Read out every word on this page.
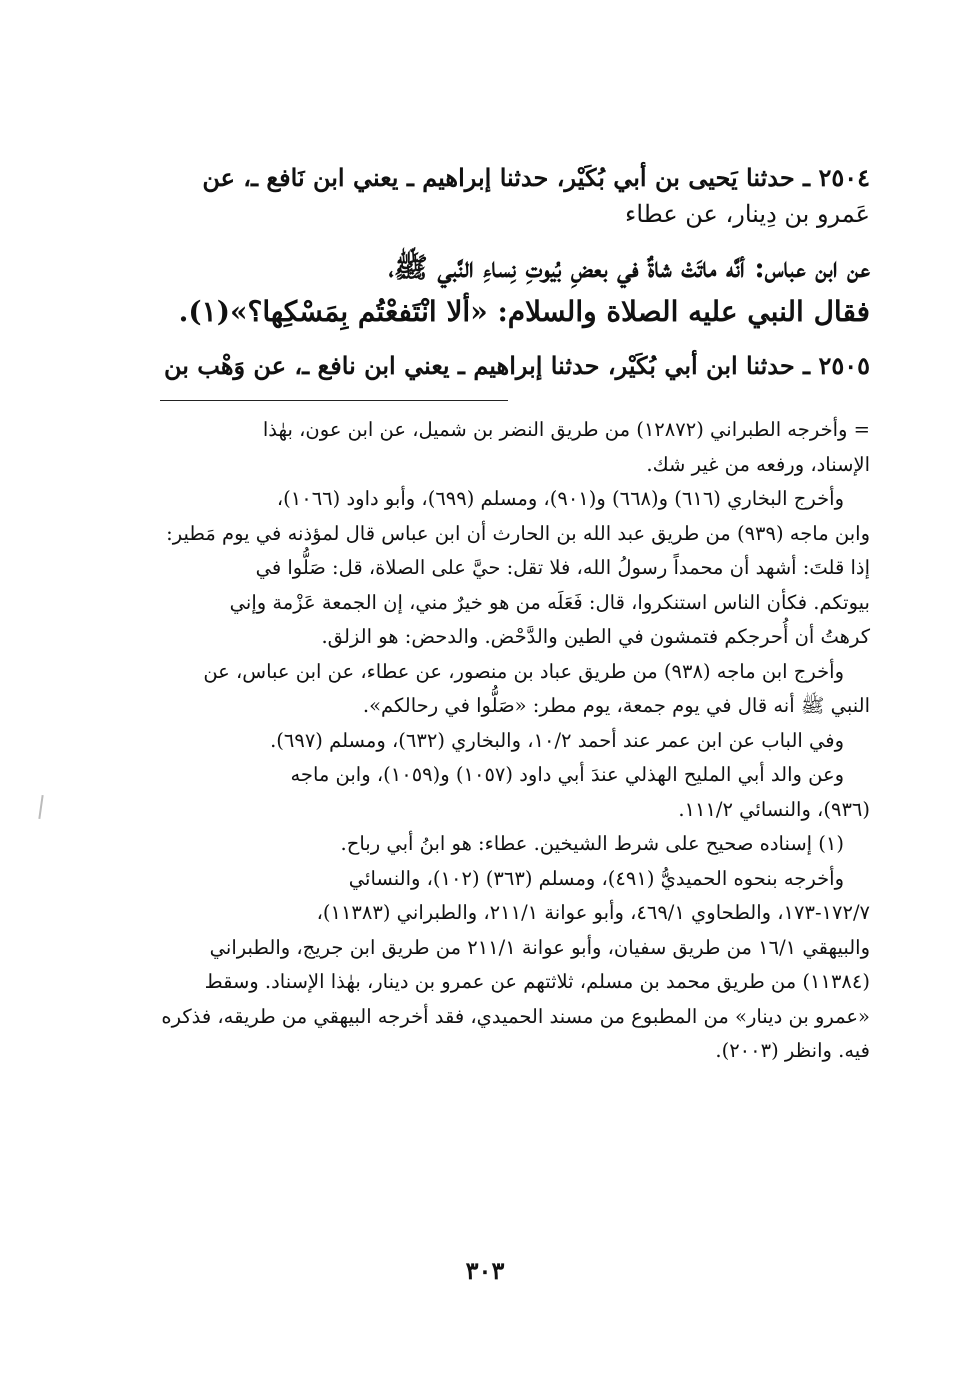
٢٥٠٤ ـ حدثنا يَحيى بن أبي بُكَيْر، حدثنا إبراهيم ـ يعني ابن نَافع ـ، عن
عَمرو بن دِينار، عن عطاء
عن ابن عباس: أنَّه ماتَتْ شاةٌ في بعضِ بُيوتِ نِساءِ النَّبي ﷺ،
فقال النبي عليه الصلاة والسلام: «ألا انْتَفعْتُم بِمَسْكِها؟»(١).
٢٥٠٥ ـ حدثنا ابن أبي بُكَيْر، حدثنا إبراهيم ـ يعني ابن نافع ـ، عن وَهْب بن
= وأخرجه الطبراني (١٢٨٧٢) من طريق النضر بن شميل، عن ابن عون، بهٰذا
الإسناد، ورفعه من غير شك.
وأخرج البخاري (٦١٦) و(٦٦٨) و(٩٠١)، ومسلم (٦٩٩)، وأبو داود (١٠٦٦)،
وابن ماجه (٩٣٩) من طريق عبد الله بن الحارث أن ابن عباس قال لمؤذنه في يوم مَطير:
إذا قلتَ: أشهد أن محمداً رسولُ الله، فلا تقل: حيَّ على الصلاة، قل: صَلُّوا في
بيوتكم. فكأن الناس استنكروا، قال: فَعَلَه من هو خيرٌ مني، إن الجمعة عَزْمة وإني
كرهتُ أن أُحرجكم فتمشون في الطين والدَّحْض. والدحض: هو الزلق.
وأخرج ابن ماجه (٩٣٨) من طريق عباد بن منصور، عن عطاء، عن ابن عباس، عن
النبي ﷺ أنه قال في يوم جمعة، يوم مطر: «صَلُّوا في رحالكم».
وفي الباب عن ابن عمر عند أحمد ١٠/٢، والبخاري (٦٣٢)، ومسلم (٦٩٧).
وعن والد أبي المليح الهذلي عندَ أبي داود (١٠٥٧) و(١٠٥٩)، وابن ماجه
(٩٣٦)، والنسائي ١١١/٢.
(١) إسناده صحيح على شرط الشيخين. عطاء: هو ابنُ أبي رباح.
وأخرجه بنحوه الحميديُّ (٤٩١)، ومسلم (٣٦٣) (١٠٢)، والنسائي
١٧٢/٧-١٧٣، والطحاوي ٤٦٩/١، وأبو عوانة ٢١١/١، والطبراني (١١٣٨٣)،
والبيهقي ١٦/١ من طريق سفيان، وأبو عوانة ٢١١/١ من طريق ابن جريج، والطبراني
(١١٣٨٤) من طريق محمد بن مسلم، ثلاثتهم عن عمرو بن دينار، بهٰذا الإسناد. وسقط
«عمرو بن دينار» من المطبوع من مسند الحميدي، فقد أخرجه البيهقي من طريقه، فذكره
فيه. وانظر (٢٠٠٣).
٣٠٣
